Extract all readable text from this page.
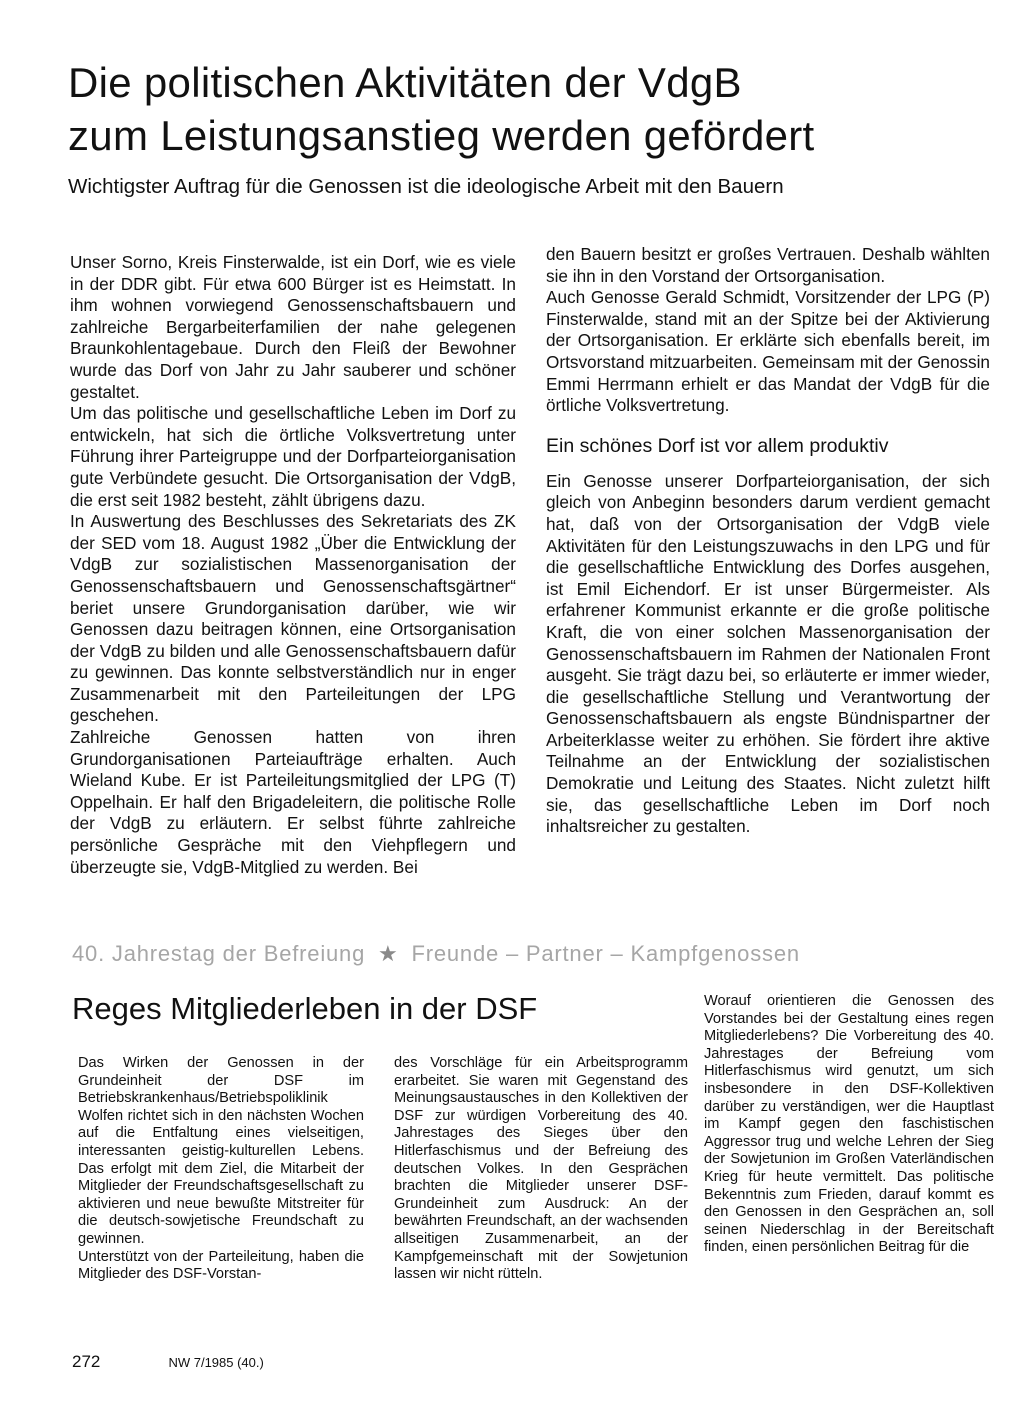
Die politischen Aktivitäten der VdgB
zum Leistungsanstieg werden gefördert

Wichtigster Auftrag für die Genossen ist die ideologische Arbeit mit den Bauern

Unser Sorno, Kreis Finsterwalde, ist ein Dorf, wie es viele in der DDR gibt. Für etwa 600 Bürger ist es Heimstatt. In ihm wohnen vorwiegend Genossenschaftsbauern und zahlreiche Bergarbeiterfamilien der nahe gelegenen Braunkohlentagebaue. Durch den Fleiß der Bewohner wurde das Dorf von Jahr zu Jahr sauberer und schöner gestaltet.

Um das politische und gesellschaftliche Leben im Dorf zu entwickeln, hat sich die örtliche Volksvertretung unter Führung ihrer Parteigruppe und der Dorfparteiorganisation gute Verbündete gesucht. Die Ortsorganisation der VdgB, die erst seit 1982 besteht, zählt übrigens dazu.

In Auswertung des Beschlusses des Sekretariats des ZK der SED vom 18. August 1982 „Über die Entwicklung der VdgB zur sozialistischen Massenorganisation der Genossenschaftsbauern und Genossenschaftsgärtner“ beriet unsere Grundorganisation darüber, wie wir Genossen dazu beitragen können, eine Ortsorganisation der VdgB zu bilden und alle Genossenschaftsbauern dafür zu gewinnen. Das konnte selbstverständlich nur in enger Zusammenarbeit mit den Parteileitungen der LPG geschehen.

Zahlreiche Genossen hatten von ihren Grundorganisationen Parteiaufträge erhalten. Auch Wieland Kube. Er ist Parteileitungsmitglied der LPG (T) Oppelhain. Er half den Brigadeleitern, die politische Rolle der VdgB zu erläutern. Er selbst führte zahlreiche persönliche Gespräche mit den Viehpflegern und überzeugte sie, VdgB-Mitglied zu werden. Bei

den Bauern besitzt er großes Vertrauen. Deshalb wählten sie ihn in den Vorstand der Ortsorganisation.

Auch Genosse Gerald Schmidt, Vorsitzender der LPG (P) Finsterwalde, stand mit an der Spitze bei der Aktivierung der Ortsorganisation. Er erklärte sich ebenfalls bereit, im Ortsvorstand mitzuarbeiten. Gemeinsam mit der Genossin Emmi Herrmann erhielt er das Mandat der VdgB für die örtliche Volksvertretung.

Ein schönes Dorf ist vor allem produktiv

Ein Genosse unserer Dorfparteiorganisation, der sich gleich von Anbeginn besonders darum verdient gemacht hat, daß von der Ortsorganisation der VdgB viele Aktivitäten für den Leistungszuwachs in den LPG und für die gesellschaftliche Entwicklung des Dorfes ausgehen, ist Emil Eichendorf. Er ist unser Bürgermeister. Als erfahrener Kommunist erkannte er die große politische Kraft, die von einer solchen Massenorganisation der Genossenschaftsbauern im Rahmen der Nationalen Front ausgeht. Sie trägt dazu bei, so erläuterte er immer wieder, die gesellschaftliche Stellung und Verantwortung der Genossenschaftsbauern als engste Bündnispartner der Arbeiterklasse weiter zu erhöhen. Sie fördert ihre aktive Teilnahme an der Entwicklung der sozialistischen Demokratie und Leitung des Staates. Nicht zuletzt hilft sie, das gesellschaftliche Leben im Dorf noch inhaltsreicher zu gestalten.

40. Jahrestag der Befreiung ★ Freunde – Partner – Kampfgenossen
Reges Mitgliederleben in der DSF

Das Wirken der Genossen in der Grundeinheit der DSF im Betriebskrankenhaus/Betriebspoliklinik Wolfen richtet sich in den nächsten Wochen auf die Entfaltung eines vielseitigen, interessanten geistig-kulturellen Lebens. Das erfolgt mit dem Ziel, die Mitarbeit der Mitglieder der Freundschaftsgesellschaft zu aktivieren und neue bewußte Mitstreiter für die deutsch-sowjetische Freundschaft zu gewinnen.

Unterstützt von der Parteileitung, haben die Mitglieder des DSF-Vorstan-

des Vorschläge für ein Arbeitsprogramm erarbeitet. Sie waren mit Gegenstand des Meinungsaustausches in den Kollektiven der DSF zur würdigen Vorbereitung des 40. Jahrestages des Sieges über den Hitlerfaschismus und der Befreiung des deutschen Volkes. In den Gesprächen brachten die Mitglieder unserer DSF-Grundeinheit zum Ausdruck: An der bewährten Freundschaft, an der wachsenden allseitigen Zusammenarbeit, an der Kampfgemeinschaft mit der Sowjetunion lassen wir nicht rütteln.

Worauf orientieren die Genossen des Vorstandes bei der Gestaltung eines regen Mitgliederlebens? Die Vorbereitung des 40. Jahrestages der Befreiung vom Hitlerfaschismus wird genutzt, um sich insbesondere in den DSF-Kollektiven darüber zu verständigen, wer die Hauptlast im Kampf gegen den faschistischen Aggressor trug und welche Lehren der Sieg der Sowjetunion im Großen Vaterländischen Krieg für heute vermittelt. Das politische Bekenntnis zum Frieden, darauf kommt es den Genossen in den Gesprächen an, soll seinen Niederschlag in der Bereitschaft finden, einen persönlichen Beitrag für die

272	NW 7/1985 (40.)
